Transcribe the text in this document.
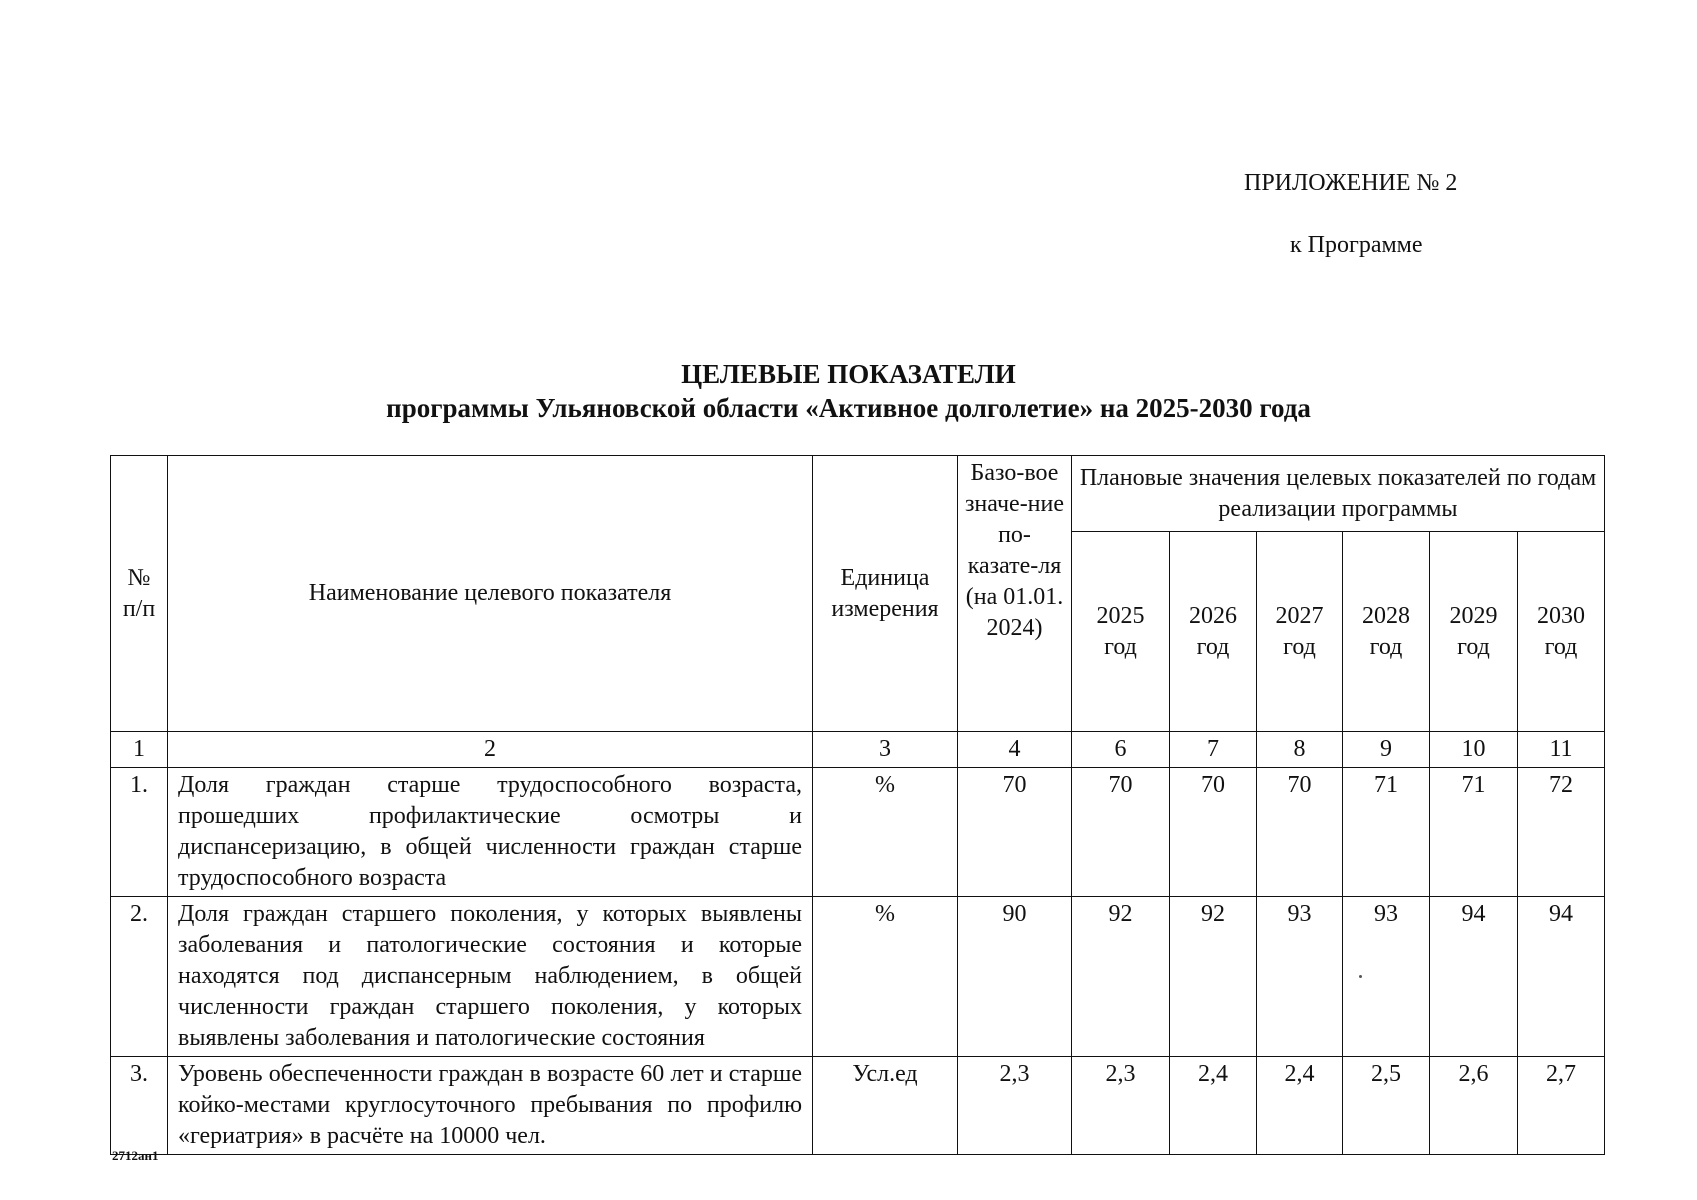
ПРИЛОЖЕНИЕ № 2
к Программе
ЦЕЛЕВЫЕ ПОКАЗАТЕЛИ
программы Ульяновской области «Активное долголетие» на 2025-2030 года
№ п/п	Наименование целевого показателя	Единица измерения	Базо-вое значе-ние по-казате-ля (на 01.01. 2024)	Плановые значения целевых показателей по годам реализации программы					
				2025 год	2026 год	2027 год	2028 год	2029 год	2030 год
1	2	3	4	6	7	8	9	10	11
1.	Доля граждан старше трудоспособного возраста, прошедших профилактические осмотры и диспансеризацию, в общей численности граждан старше трудоспособного возраста	%	70	70	70	70	71	71	72
2.	Доля граждан старшего поколения, у которых выявлены заболевания и патологические состояния и которые находятся под диспансерным наблюдением, в общей численности граждан старшего поколения, у которых выявлены заболевания и патологические состояния	%	90	92	92	93	93	94	94
3.	Уровень обеспеченности граждан в возрасте 60 лет и старше койко-местами круглосуточного пребывания по профилю «гериатрия» в расчёте на 10000 чел.	Усл.ед	2,3	2,3	2,4	2,4	2,5	2,6	2,7
2712ан1
